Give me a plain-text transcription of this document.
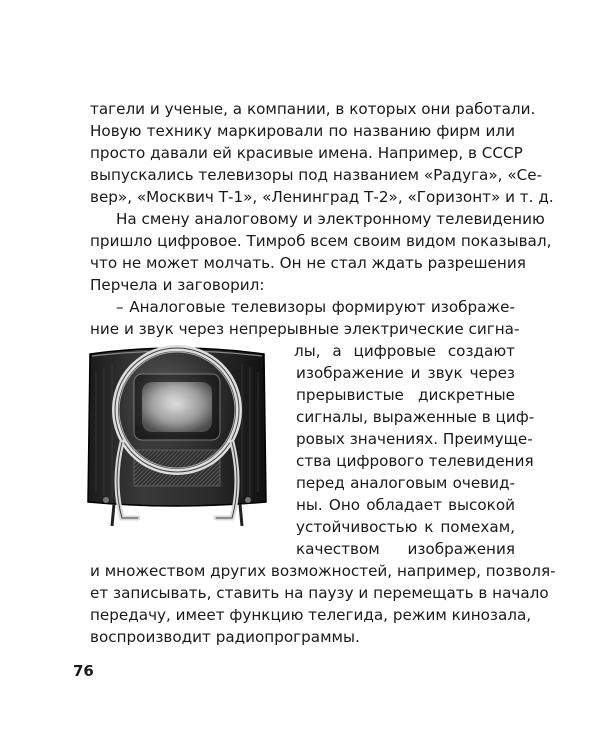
тагели и ученые, а компании, в которых они работали.
Новую технику маркировали по названию фирм или
просто давали ей красивые имена. Например, в СССР
выпускались телевизоры под названием «Радуга», «Се-
вер», «Москвич Т-1», «Ленинград Т-2», «Горизонт» и т. д.
На смену аналоговому и электронному телевидению
пришло цифровое. Тимроб всем своим видом показывал,
что не может молчать. Он не стал ждать разрешения
Перчела и заговорил:
– Аналоговые телевизоры формируют изображе-
ние и звук через непрерывные электрические сигна-
лы, а цифровые создают
изображение и звук через
прерывистые дискретные
сигналы, выраженные в циф-
ровых значениях. Преимуще-
ства цифрового телевидения
перед аналоговым очевид-
ны. Оно обладает высокой
устойчивостью к помехам,
качеством изображения
и множеством других возможностей, например, позволя-
ет записывать, ставить на паузу и перемещать в начало
передачу, имеет функцию телегида, режим кинозала,
воспроизводит радиопрограммы.
76
